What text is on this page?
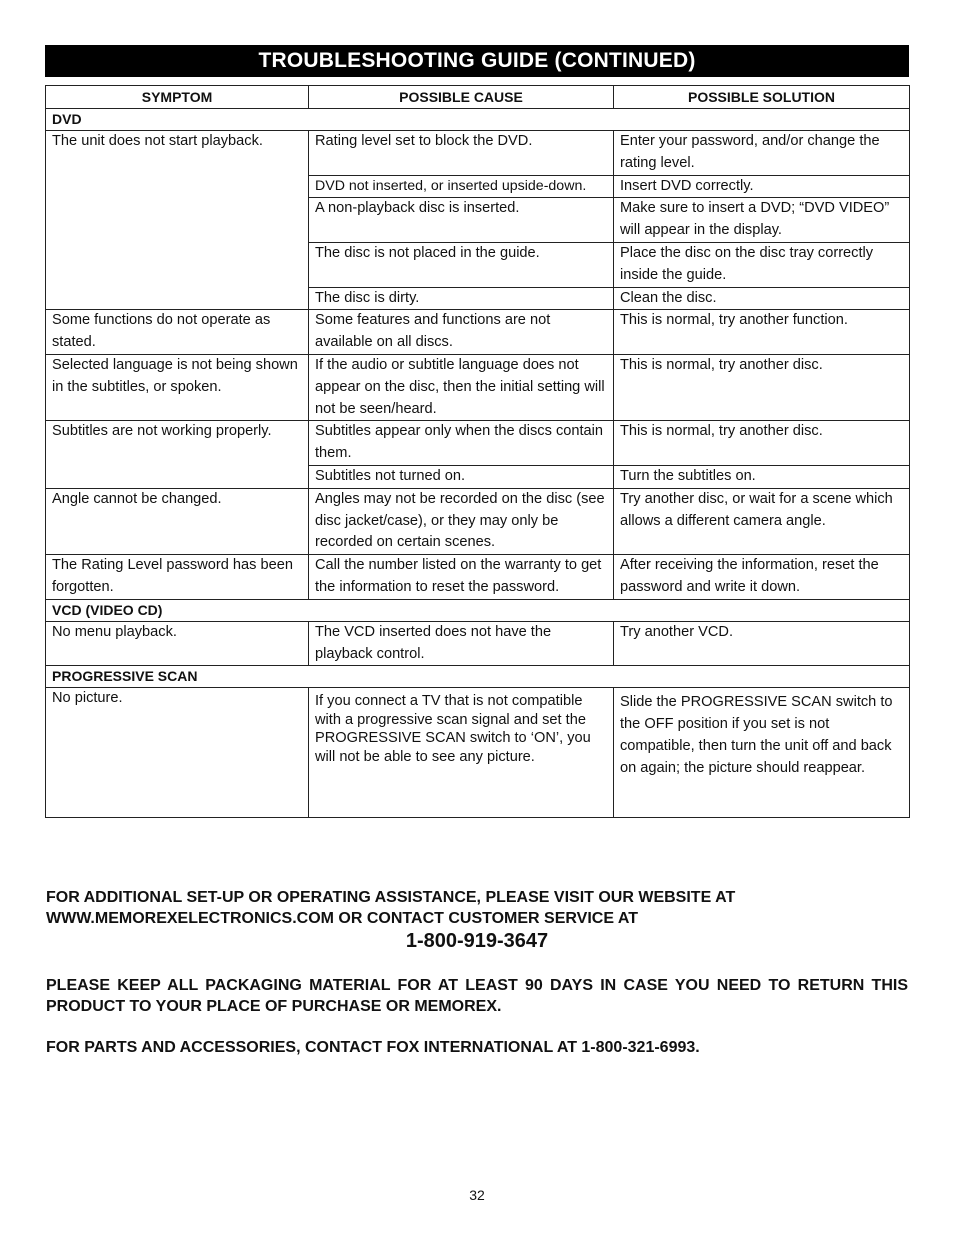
TROUBLESHOOTING GUIDE (CONTINUED)
SYMPTOM	POSSIBLE CAUSE	POSSIBLE SOLUTION
DVD		
The unit does not start playback.	Rating level set to block the DVD.	Enter your password, and/or change the rating level.
	DVD not inserted, or inserted upside-down.	Insert DVD correctly.
	A non-playback disc is inserted.	Make sure to insert a DVD; “DVD VIDEO” will appear in the display.
	The disc is not placed in the guide.	Place the disc on the disc tray correctly inside the guide.
	The disc is dirty.	Clean the disc.
Some functions do not operate as stated.	Some features and functions are not available on all discs.	This is normal, try another function.
Selected language is not being shown in the subtitles, or spoken.	If the audio or subtitle language does not appear on the disc, then the initial setting will not be seen/heard.	This is normal, try another disc.
Subtitles are not working properly.	Subtitles appear only when the discs contain them.	This is normal, try another disc.
	Subtitles not turned on.	Turn the subtitles on.
Angle cannot be changed.	Angles may not be recorded on the disc (see disc jacket/case), or they may only be recorded on certain scenes.	Try another disc, or wait for a scene which allows a different camera angle.
The Rating Level password has been forgotten.	Call the number listed on the warranty to get the information to reset the password.	After receiving the information, reset the password and write it down.
VCD (VIDEO CD)		
No menu playback.	The VCD inserted does not have the playback control.	Try another VCD.
PROGRESSIVE SCAN		
No picture.	If you connect a TV that is not compatible with a progressive scan signal and set the PROGRESSIVE SCAN switch to ‘ON’, you will not be able to see any picture.	Slide the PROGRESSIVE SCAN switch to the OFF position if you set is not compatible, then turn the unit off and back on again; the picture should reappear.
FOR ADDITIONAL SET-UP OR OPERATING ASSISTANCE, PLEASE VISIT OUR WEBSITE AT WWW.MEMOREXELECTRONICS.COM OR CONTACT CUSTOMER SERVICE AT
1-800-919-3647
PLEASE KEEP ALL PACKAGING MATERIAL FOR AT LEAST 90 DAYS IN CASE YOU NEED TO RETURN THIS PRODUCT TO YOUR PLACE OF PURCHASE OR MEMOREX.
FOR PARTS AND ACCESSORIES, CONTACT FOX INTERNATIONAL AT 1-800-321-6993.
32
